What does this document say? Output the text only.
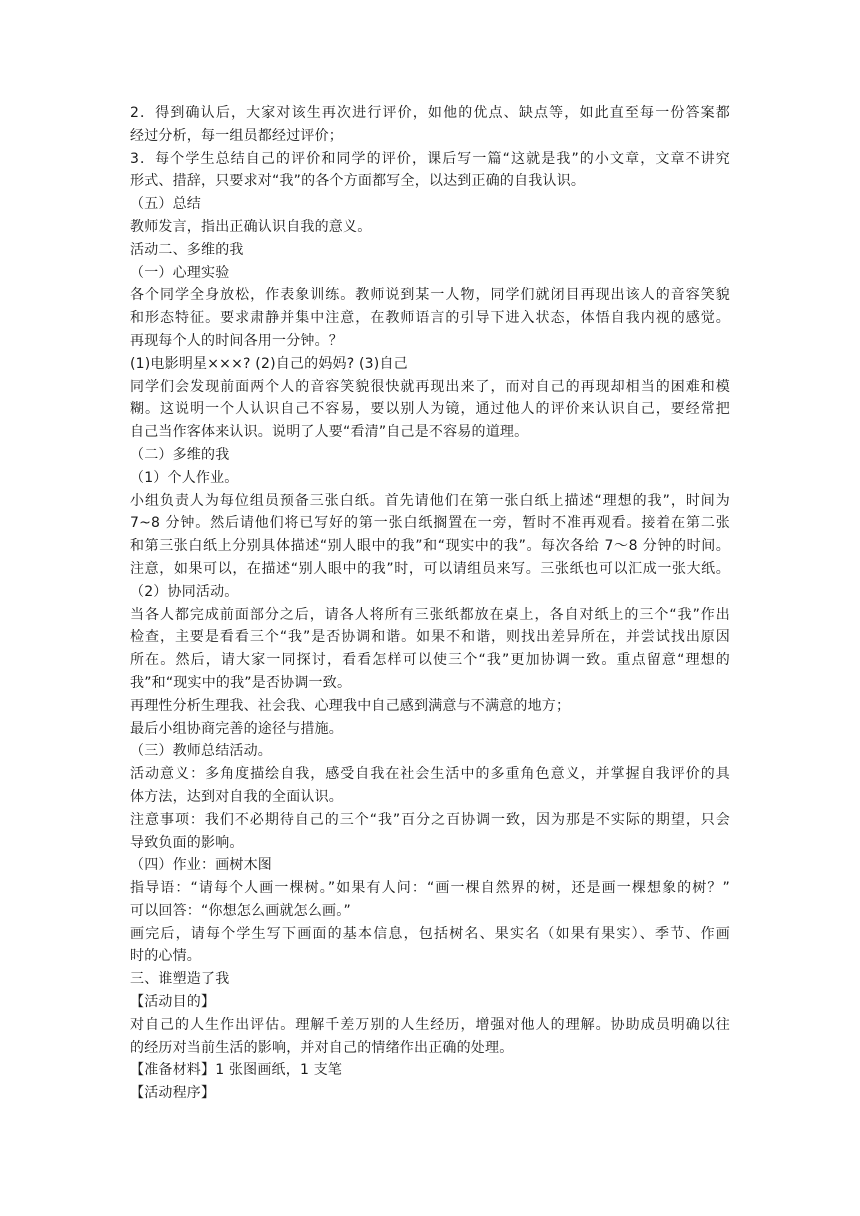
2．得到确认后，大家对该生再次进行评价，如他的优点、缺点等，如此直至每一份答案都
经过分析，每一组员都经过评价；
3．每个学生总结自己的评价和同学的评价，课后写一篇“这就是我”的小文章，文章不讲究
形式、措辞，只要求对“我”的各个方面都写全，以达到正确的自我认识。
（五）总结
教师发言，指出正确认识自我的意义。
活动二、多维的我
（一）心理实验
各个同学全身放松，作表象训练。教师说到某一人物，同学们就闭目再现出该人的音容笑貌
和形态特征。要求肃静并集中注意，在教师语言的引导下进入状态，体悟自我内视的感觉。
再现每个人的时间各用一分钟。？
(1)电影明星×××? (2)自己的妈妈? (3)自己
同学们会发现前面两个人的音容笑貌很快就再现出来了，而对自己的再现却相当的困难和模
糊。这说明一个人认识自己不容易，要以别人为镜，通过他人的评价来认识自己，要经常把
自己当作客体来认识。说明了人要“看清”自己是不容易的道理。
（二）多维的我
（1）个人作业。
小组负责人为每位组员预备三张白纸。首先请他们在第一张白纸上描述“理想的我”，时间为
7~8 分钟。然后请他们将已写好的第一张白纸搁置在一旁，暂时不准再观看。接着在第二张
和第三张白纸上分别具体描述“别人眼中的我”和“现实中的我”。每次各给 7～8 分钟的时间。
注意，如果可以，在描述“别人眼中的我”时，可以请组员来写。三张纸也可以汇成一张大纸。
（2）协同活动。
当各人都完成前面部分之后，请各人将所有三张纸都放在桌上，各自对纸上的三个“我”作出
检查，主要是看看三个“我”是否协调和谐。如果不和谐，则找出差异所在，并尝试找出原因
所在。然后，请大家一同探讨，看看怎样可以使三个“我”更加协调一致。重点留意“理想的
我”和“现实中的我”是否协调一致。
再理性分析生理我、社会我、心理我中自己感到满意与不满意的地方；
最后小组协商完善的途径与措施。
（三）教师总结活动。
活动意义：多角度描绘自我，感受自我在社会生活中的多重角色意义，并掌握自我评价的具
体方法，达到对自我的全面认识。
注意事项：我们不必期待自己的三个“我”百分之百协调一致，因为那是不实际的期望，只会
导致负面的影响。
（四）作业：画树木图
指导语：“请每个人画一棵树。”如果有人问：“画一棵自然界的树，还是画一棵想象的树？”
可以回答：“你想怎么画就怎么画。”
画完后，请每个学生写下画面的基本信息，包括树名、果实名（如果有果实）、季节、作画
时的心情。
三、谁塑造了我
【活动目的】
对自己的人生作出评估。理解千差万别的人生经历，增强对他人的理解。协助成员明确以往
的经历对当前生活的影响，并对自己的情绪作出正确的处理。
【准备材料】1 张图画纸，1 支笔
【活动程序】
